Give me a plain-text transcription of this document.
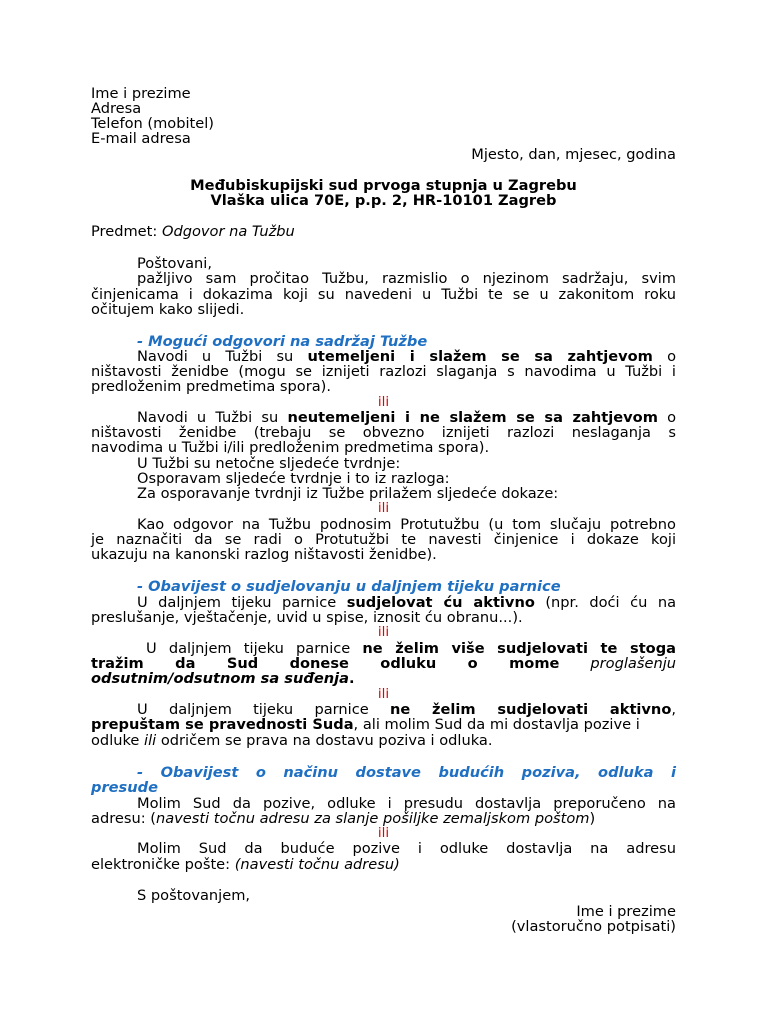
Ime i prezime
Adresa
Telefon (mobitel)
E-mail adresa
Mjesto, dan, mjesec, godina
Međubiskupijski sud prvoga stupnja u Zagrebu
Vlaška ulica 70E, p.p. 2, HR-10101 Zagreb
Predmet: Odgovor na Tužbu
Poštovani,
pažljivo sam pročitao Tužbu, razmislio o njezinom sadržaju, svim
činjenicama i dokazima koji su navedeni u Tužbi te se u zakonitom roku
očitujem kako slijedi.
- Mogući odgovori na sadržaj Tužbe
Navodi u Tužbi su utemeljeni i slažem se sa zahtjevom o
ništavosti ženidbe (mogu se iznijeti razlozi slaganja s navodima u Tužbi i
predloženim predmetima spora).
ili
Navodi u Tužbi su neutemeljeni i ne slažem se sa zahtjevom o
ništavosti ženidbe (trebaju se obvezno iznijeti razlozi neslaganja s
navodima u Tužbi i/ili predloženim predmetima spora).
U Tužbi su netočne sljedeće tvrdnje:
Osporavam sljedeće tvrdnje i to iz razloga:
Za osporavanje tvrdnji iz Tužbe prilažem sljedeće dokaze:
ili
Kao odgovor na Tužbu podnosim Protutužbu (u tom slučaju potrebno
je naznačiti da se radi o Protutužbi te navesti činjenice i dokaze koji
ukazuju na kanonski razlog ništavosti ženidbe).
- Obavijest o sudjelovanju u daljnjem tijeku parnice
U daljnjem tijeku parnice sudjelovat ću aktivno (npr. doći ću na
preslušanje, vještačenje, uvid u spise, iznosit ću obranu...).
ili
U daljnjem tijeku parnice ne želim više sudjelovati te stoga
tražim da Sud donese odluku o mome proglašenju
odsutnim/odsutnom sa suđenja.
ili
U daljnjem tijeku parnice ne želim sudjelovati aktivno,
prepuštam se pravednosti Suda, ali molim Sud da mi dostavlja pozive i
odluke ili odričem se prava na dostavu poziva i odluka.
- Obavijest o načinu dostave budućih poziva, odluka i
presude
Molim Sud da pozive, odluke i presudu dostavlja preporučeno na
adresu: (navesti točnu adresu za slanje pošiljke zemaljskom poštom)
ili
Molim Sud da buduće pozive i odluke dostavlja na adresu
elektroničke pošte: (navesti točnu adresu)
S poštovanjem,
Ime i prezime
(vlastoručno potpisati)
